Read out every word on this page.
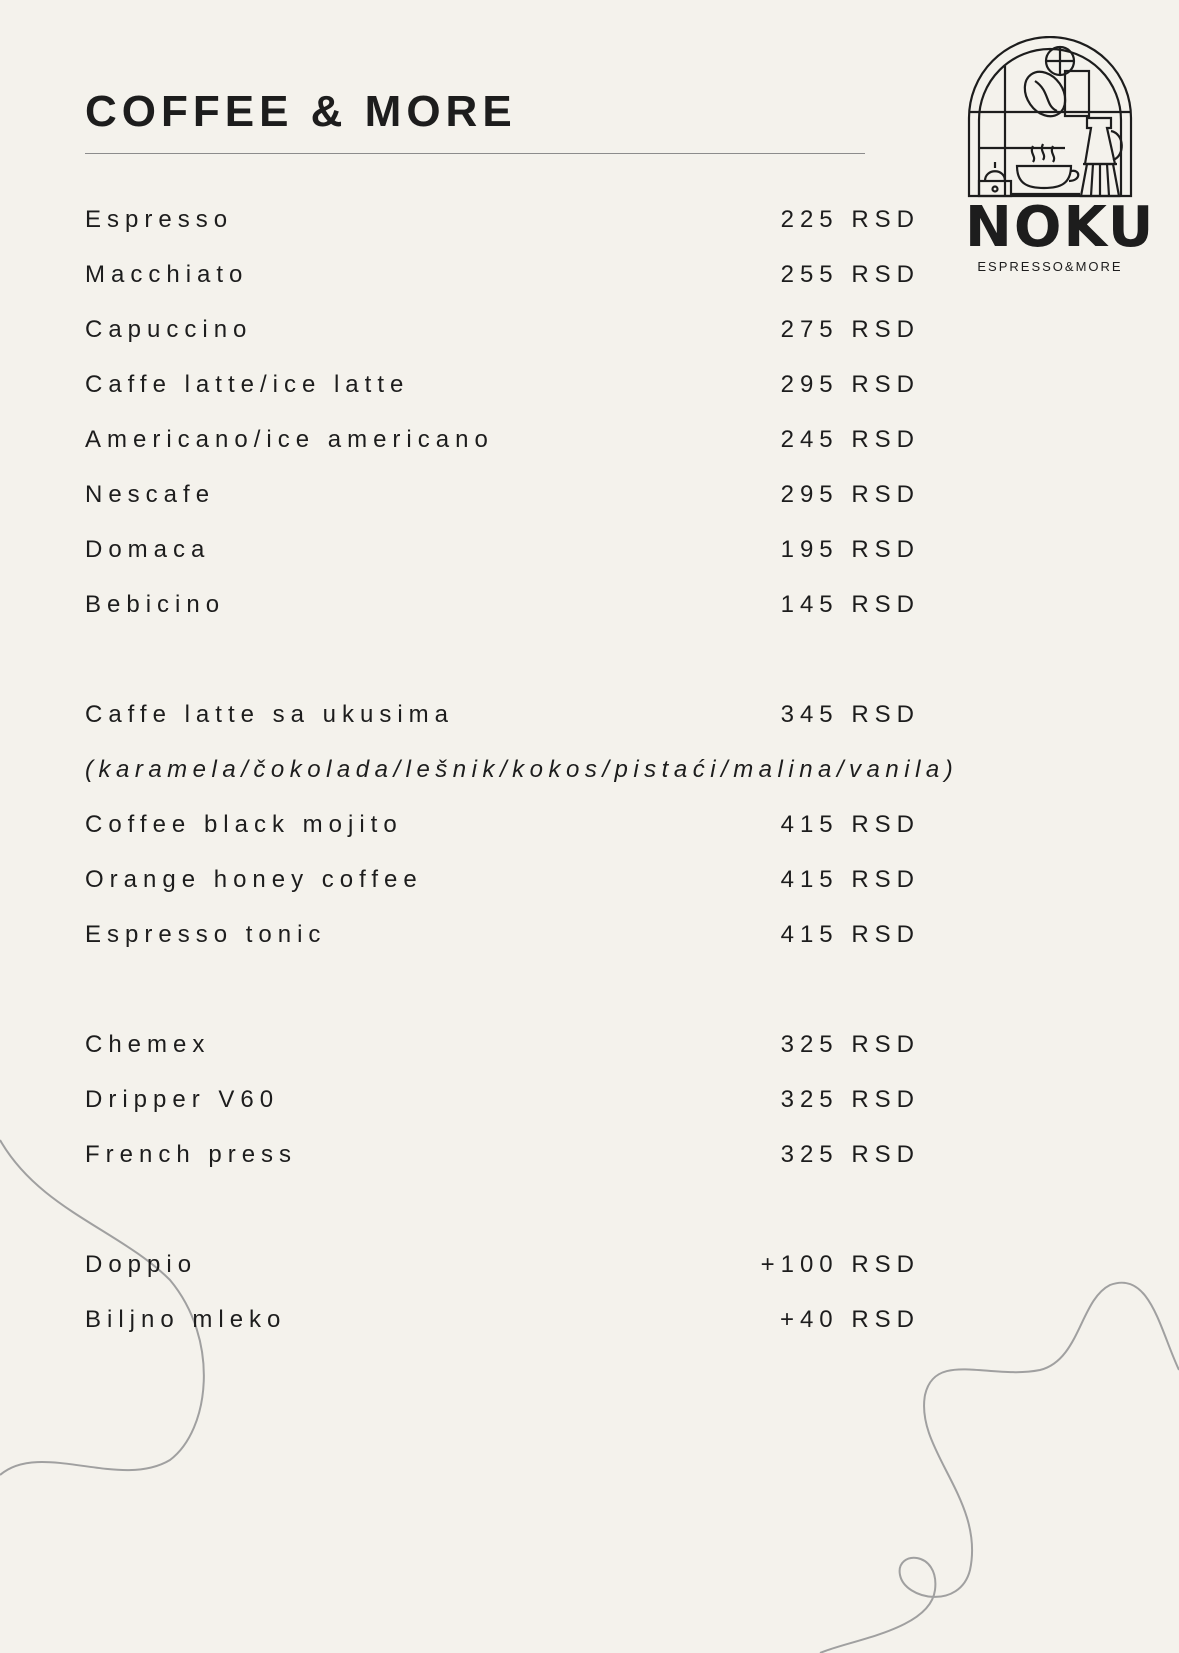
COFFEE & MORE
NOKU
ESPRESSO&MORE
Espresso	225 RSD
Macchiato	255 RSD
Capuccino	275 RSD
Caffe latte/ice latte	295 RSD
Americano/ice americano	245 RSD
Nescafe	295 RSD
Domaca	195 RSD
Bebicino	145 RSD
Caffe latte sa ukusima	345 RSD
(karamela/čokolada/lešnik/kokos/pistaći/malina/vanila)
Coffee black mojito	415 RSD
Orange honey coffee	415 RSD
Espresso tonic	415 RSD
Chemex	325 RSD
Dripper V60	325 RSD
French press	325 RSD
Doppio	+100 RSD
Biljno mleko	+40 RSD
